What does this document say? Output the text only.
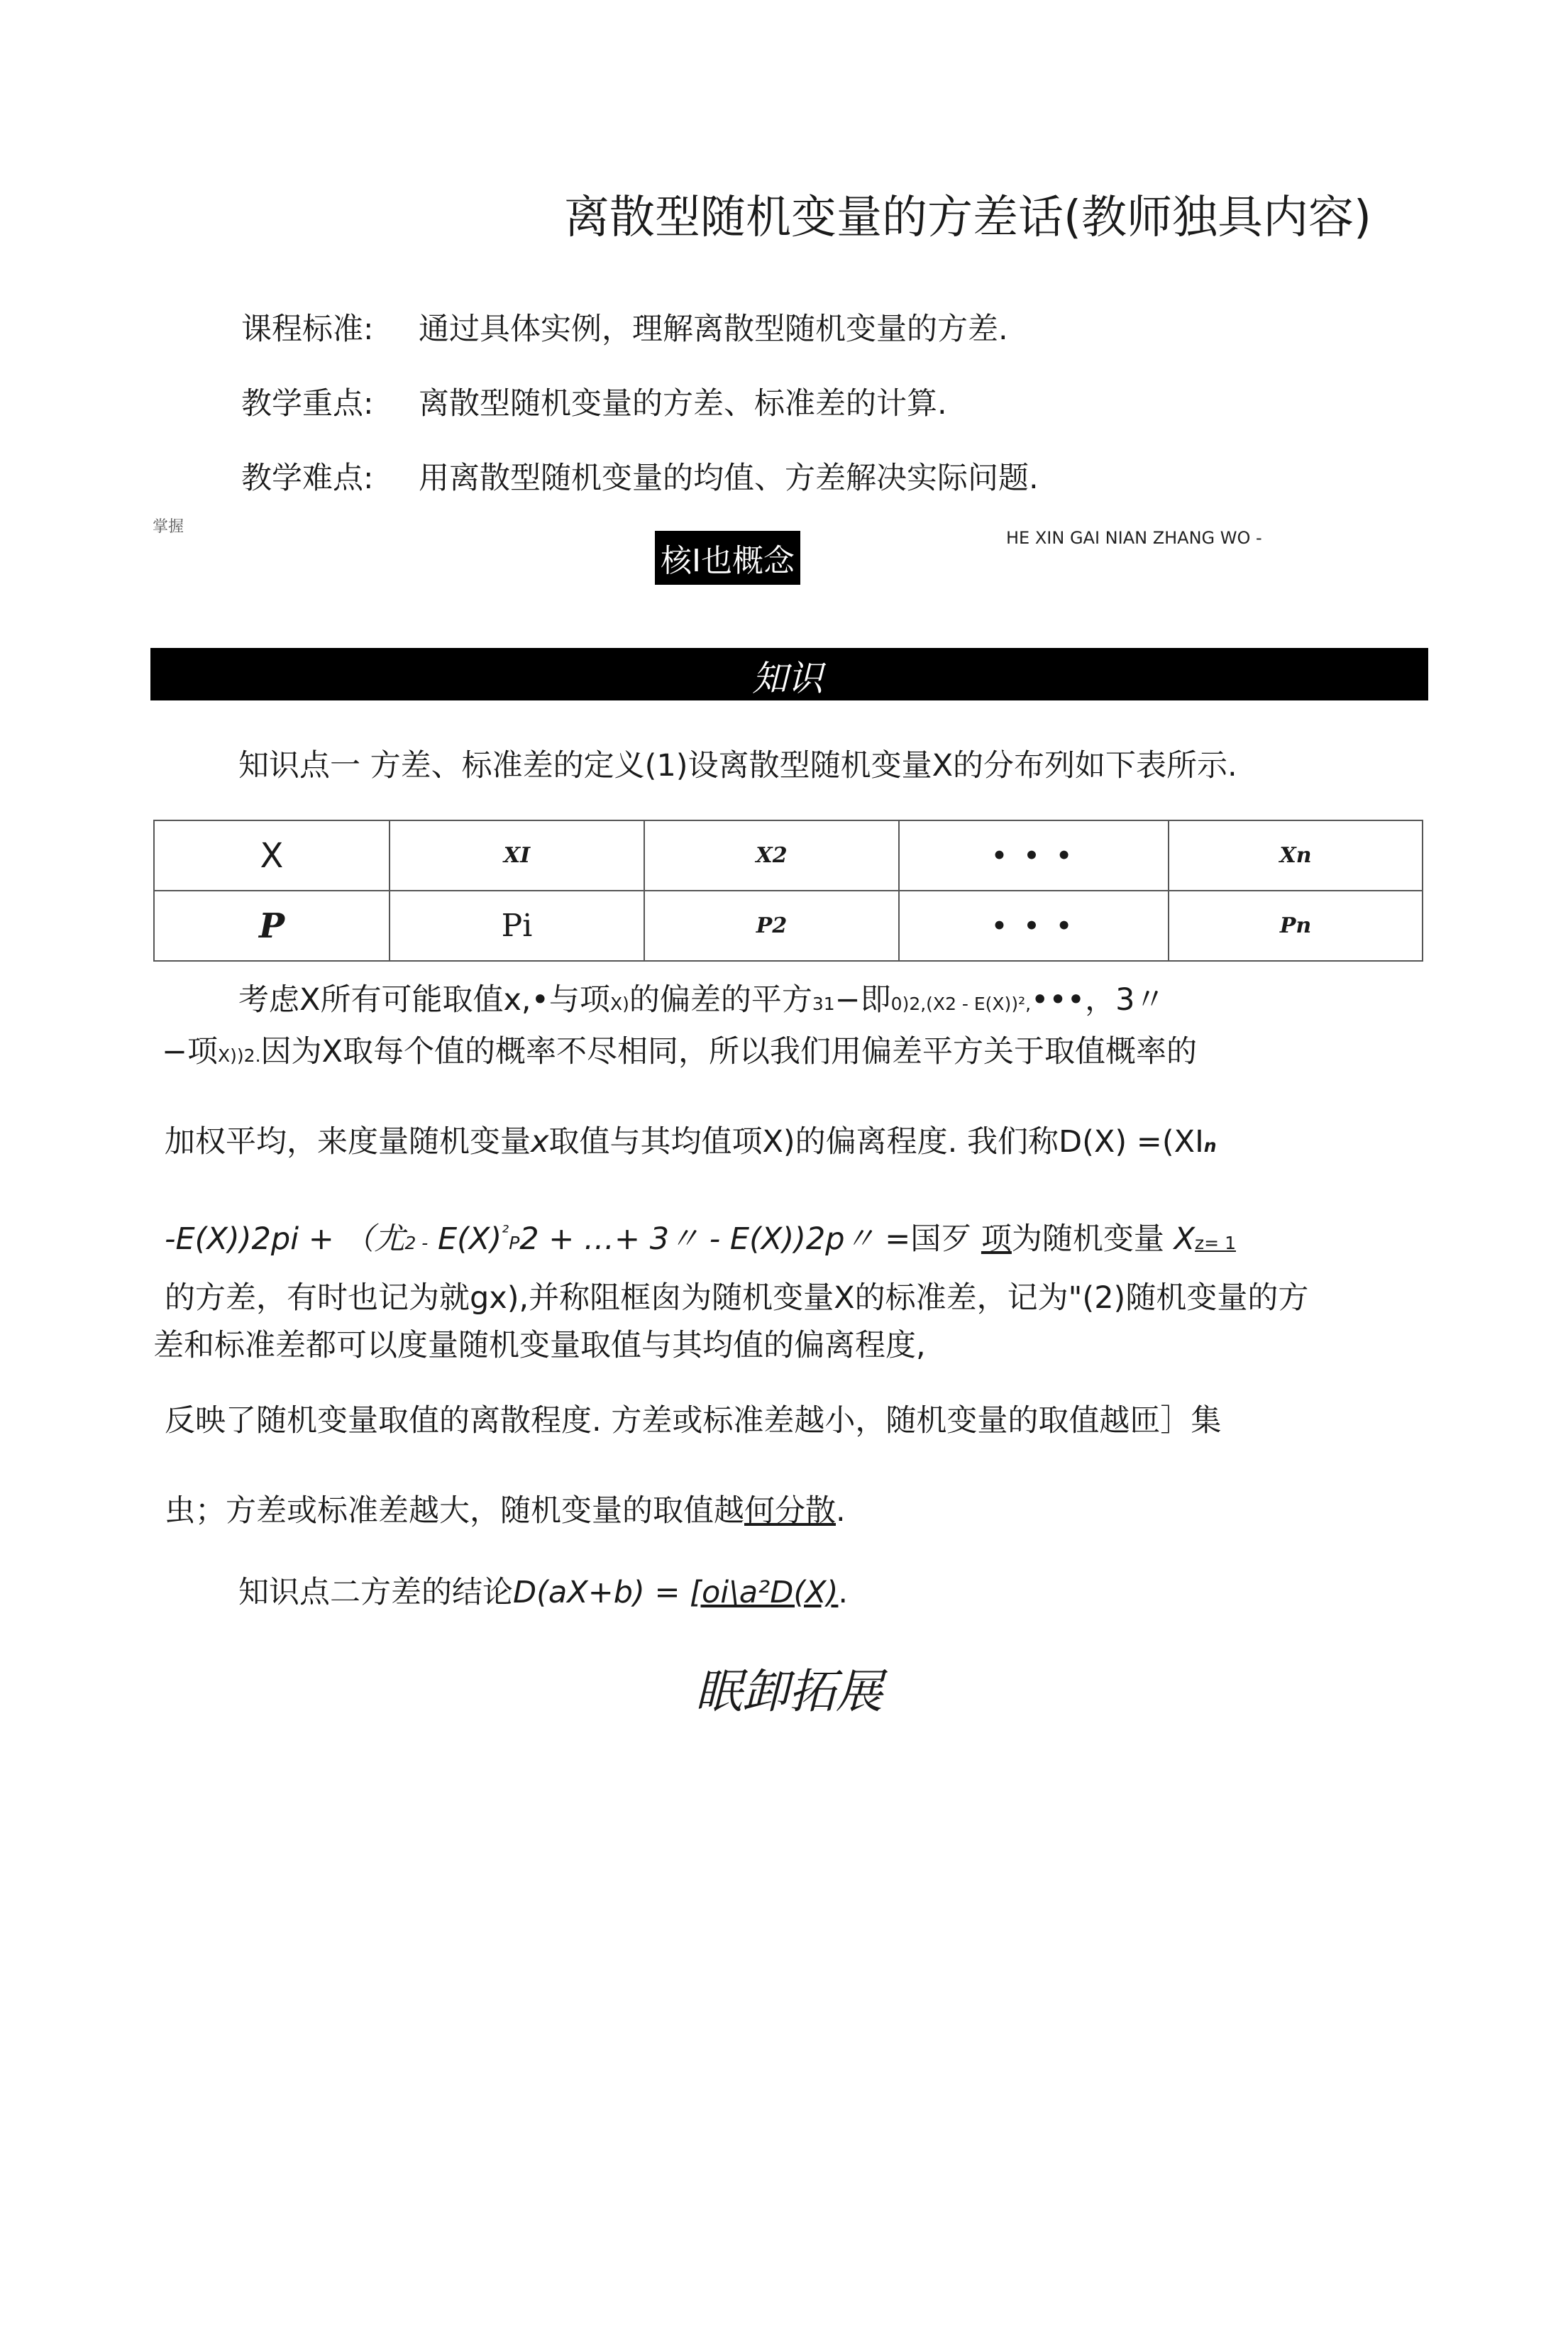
离散型随机变量的方差话(教师独具内容)
课程标准: 通过具体实例，理解离散型随机变量的方差.
教学重点: 离散型随机变量的方差、标准差的计算.
教学难点: 用离散型随机变量的均值、方差解决实际问题.
掌握
核I也概念
HE XIN GAI NIAN ZHANG WO -
知识
知识点一 方差、标准差的定义(1)设离散型随机变量X的分布列如下表所示.
X	XI	X2	• • •	Xn
P	Pi	P2	• • •	Pn
考虑X所有可能取值x,•与项X)的偏差的平方31−即0)2,(X2 - E(X))²,•••，3〃
−项X))2.因为X取每个值的概率不尽相同，所以我们用偏差平方关于取值概率的
加权平均，来度量随机变量x取值与其均值项X)的偏离程度. 我们称D(X) =(XIn
-E(X))2pi + （尤$2 - E(X)^{^2}P2$ + …+ 3〃 - E(X))2p〃 =国歹 项为随机变量 Xz= 1
的方差，有时也记为就gx),并称阻框囱为随机变量X的标准差，记为"(2)随机变量的方
差和标准差都可以度量随机变量取值与其均值的偏离程度,
反映了随机变量取值的离散程度. 方差或标准差越小，随机变量的取值越匝］集
虫；方差或标准差越大，随机变量的取值越何分散.
知识点二方差的结论D(aX+b) = [oi\a²D(X).
眠卸拓展
